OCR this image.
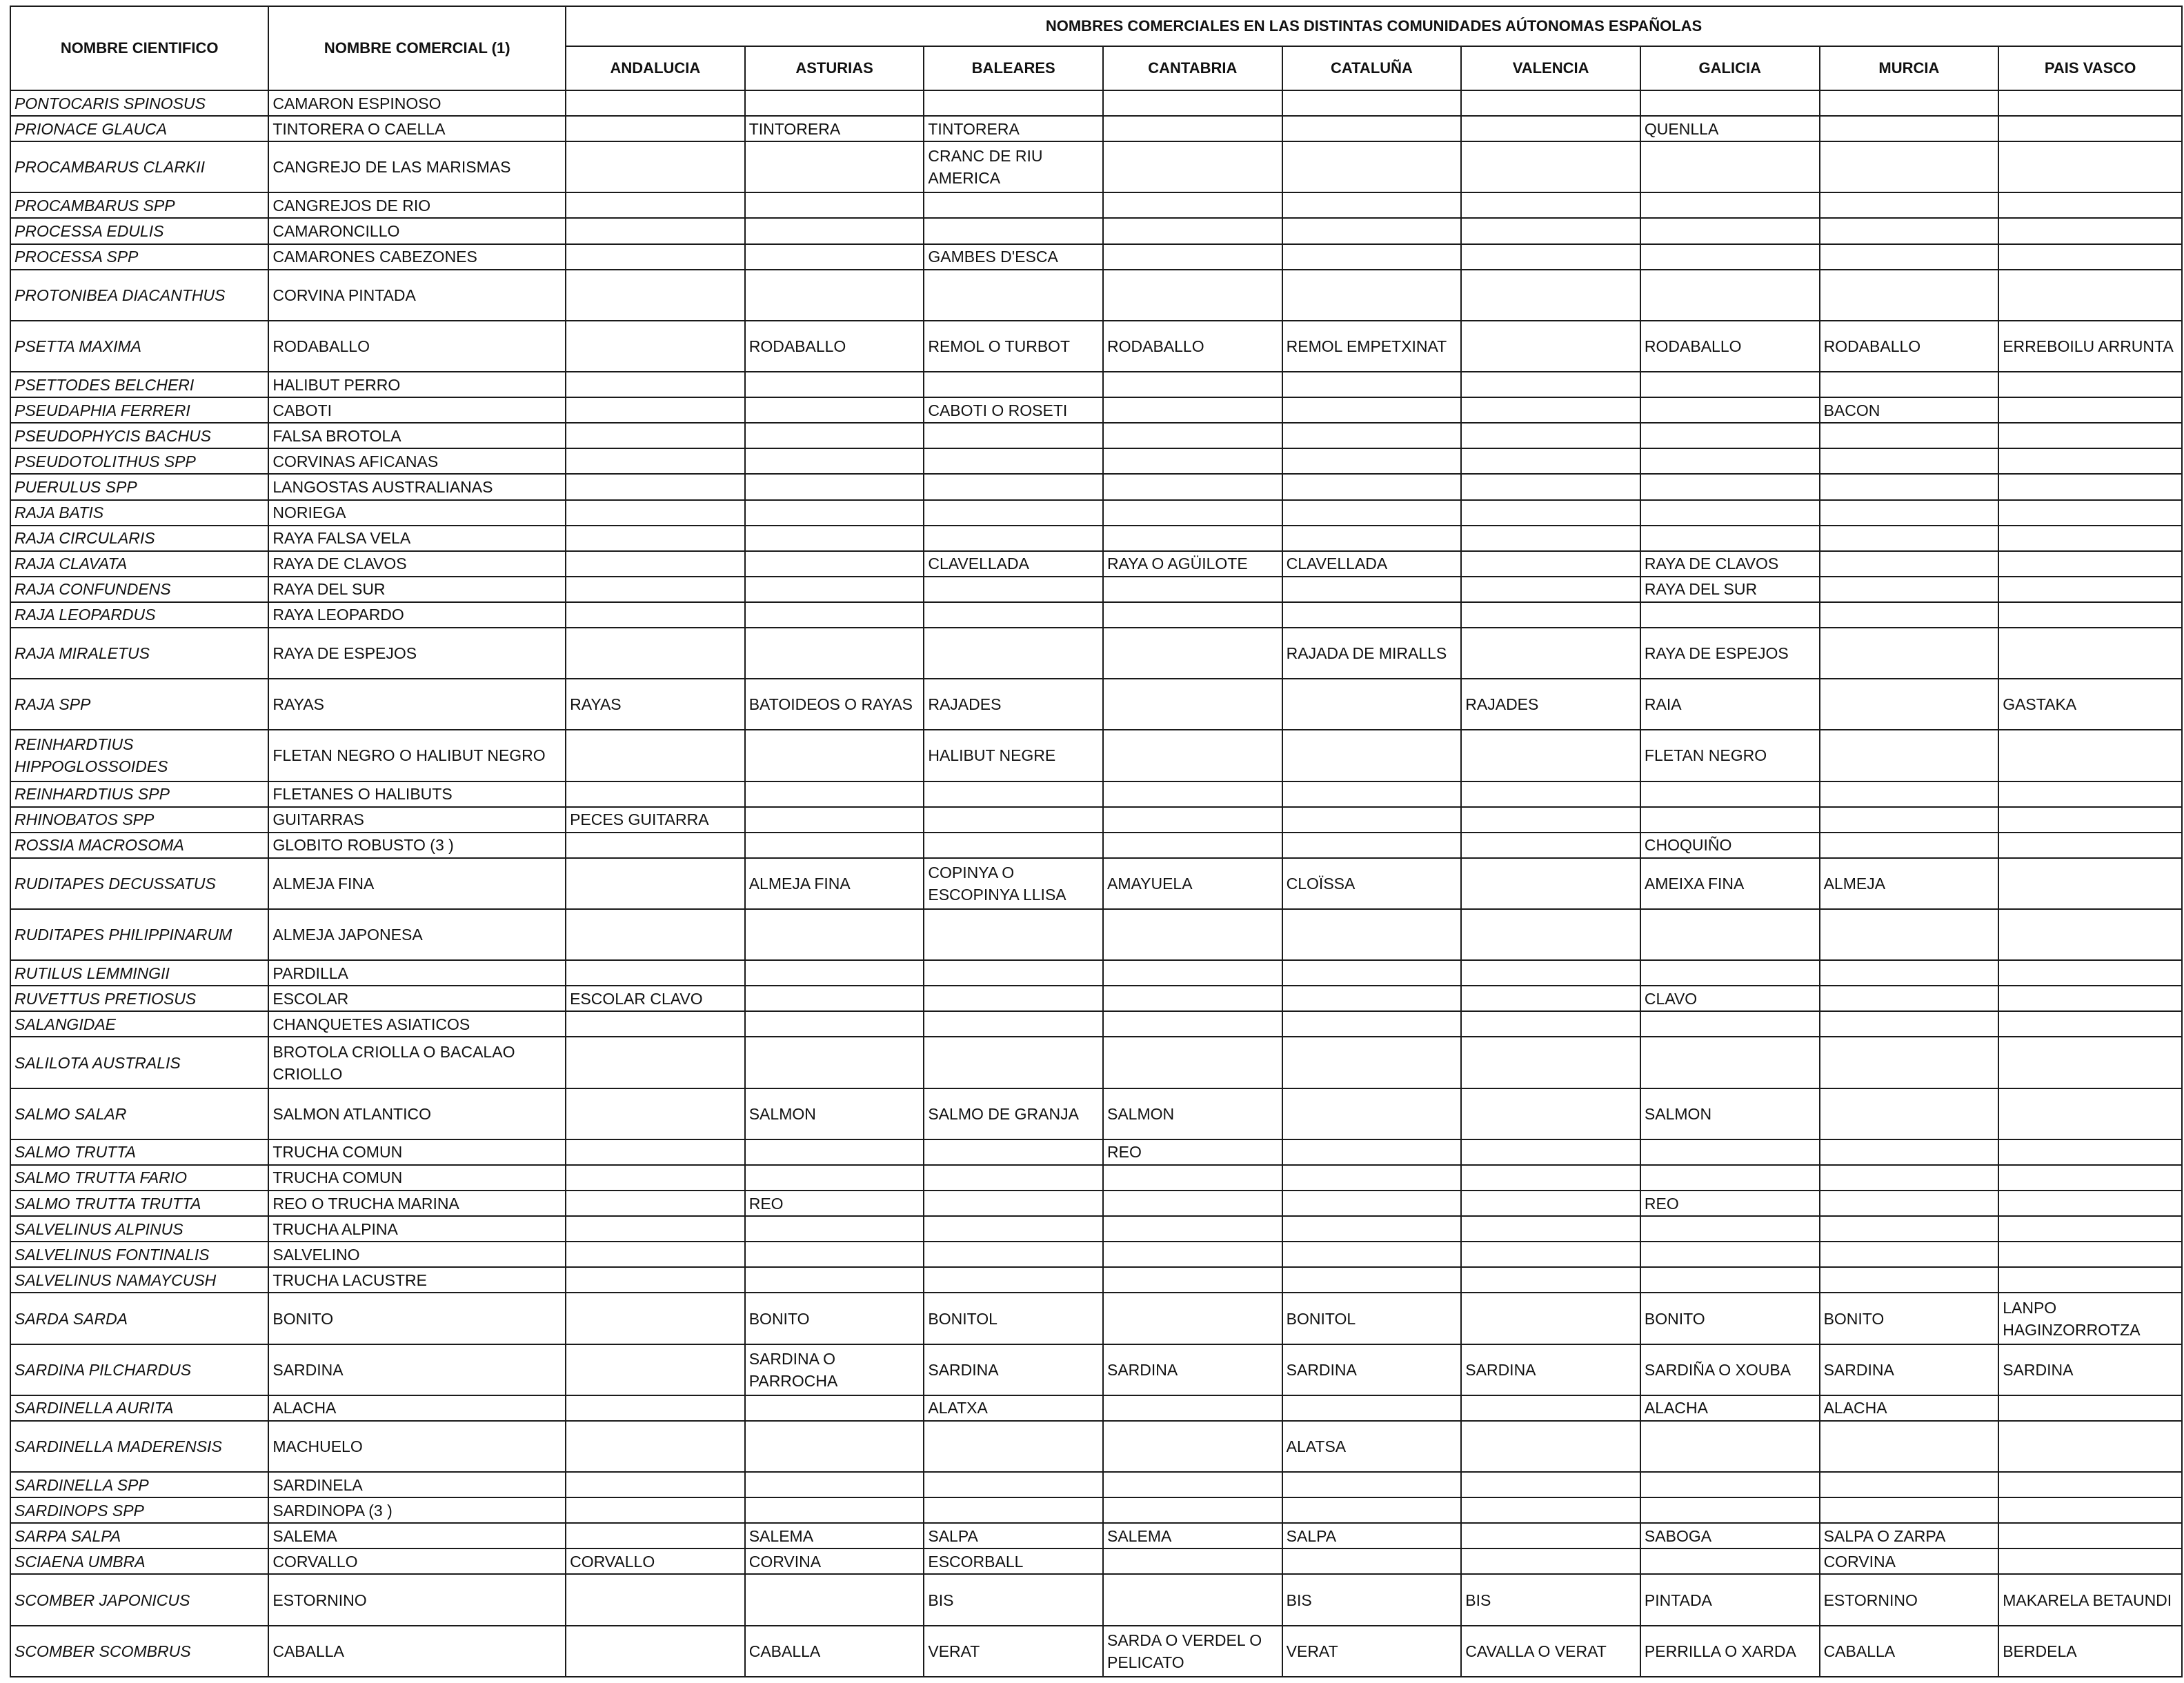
NOMBRE CIENTIFICO	NOMBRE COMERCIAL (1)	NOMBRES COMERCIALES EN LAS DISTINTAS COMUNIDADES AÚTONOMAS ESPAÑOLAS								
		ANDALUCIA	ASTURIAS	BALEARES	CANTABRIA	CATALUÑA	VALENCIA	GALICIA	MURCIA	PAIS VASCO
PONTOCARIS SPINOSUS	CAMARON ESPINOSO									
PRIONACE GLAUCA	TINTORERA O CAELLA		TINTORERA	TINTORERA				QUENLLA		
PROCAMBARUS CLARKII	CANGREJO DE LAS MARISMAS			CRANC DE RIU AMERICA						
PROCAMBARUS SPP	CANGREJOS DE RIO									
PROCESSA EDULIS	CAMARONCILLO									
PROCESSA SPP	CAMARONES CABEZONES			GAMBES D'ESCA						
PROTONIBEA DIACANTHUS	CORVINA PINTADA									
PSETTA MAXIMA	RODABALLO		RODABALLO	REMOL O TURBOT	RODABALLO	REMOL EMPETXINAT		RODABALLO	RODABALLO	ERREBOILU ARRUNTA
PSETTODES BELCHERI	HALIBUT PERRO									
PSEUDAPHIA FERRERI	CABOTI			CABOTI O ROSETI					BACON	
PSEUDOPHYCIS BACHUS	FALSA BROTOLA									
PSEUDOTOLITHUS SPP	CORVINAS AFICANAS									
PUERULUS SPP	LANGOSTAS AUSTRALIANAS									
RAJA BATIS	NORIEGA									
RAJA CIRCULARIS	RAYA FALSA VELA									
RAJA CLAVATA	RAYA DE CLAVOS			CLAVELLADA	RAYA O AGÜILOTE	CLAVELLADA		RAYA DE CLAVOS		
RAJA CONFUNDENS	RAYA DEL SUR							RAYA DEL SUR		
RAJA LEOPARDUS	RAYA LEOPARDO									
RAJA MIRALETUS	RAYA DE ESPEJOS					RAJADA DE MIRALLS		RAYA DE ESPEJOS		
RAJA SPP	RAYAS	RAYAS	BATOIDEOS O RAYAS	RAJADES			RAJADES	RAIA		GASTAKA
REINHARDTIUS HIPPOGLOSSOIDES	FLETAN NEGRO O HALIBUT NEGRO			HALIBUT NEGRE				FLETAN NEGRO		
REINHARDTIUS SPP	FLETANES O HALIBUTS									
RHINOBATOS SPP	GUITARRAS	PECES GUITARRA								
ROSSIA MACROSOMA	GLOBITO ROBUSTO (3 )							CHOQUIÑO		
RUDITAPES DECUSSATUS	ALMEJA FINA		ALMEJA FINA	COPINYA O ESCOPINYA LLISA	AMAYUELA	CLOÏSSA		AMEIXA FINA	ALMEJA	
RUDITAPES PHILIPPINARUM	ALMEJA JAPONESA									
RUTILUS LEMMINGII	PARDILLA									
RUVETTUS PRETIOSUS	ESCOLAR	ESCOLAR CLAVO						CLAVO		
SALANGIDAE	CHANQUETES ASIATICOS									
SALILOTA AUSTRALIS	BROTOLA CRIOLLA O BACALAO CRIOLLO									
SALMO SALAR	SALMON ATLANTICO		SALMON	SALMO DE GRANJA	SALMON			SALMON		
SALMO TRUTTA	TRUCHA COMUN				REO					
SALMO TRUTTA FARIO	TRUCHA COMUN									
SALMO TRUTTA TRUTTA	REO O TRUCHA MARINA		REO					REO		
SALVELINUS ALPINUS	TRUCHA ALPINA									
SALVELINUS FONTINALIS	SALVELINO									
SALVELINUS NAMAYCUSH	TRUCHA LACUSTRE									
SARDA SARDA	BONITO		BONITO	BONITOL		BONITOL		BONITO	BONITO	LANPO HAGINZORROTZA
SARDINA PILCHARDUS	SARDINA		SARDINA O PARROCHA	SARDINA	SARDINA	SARDINA	SARDINA	SARDIÑA O XOUBA	SARDINA	SARDINA
SARDINELLA AURITA	ALACHA			ALATXA				ALACHA	ALACHA	
SARDINELLA MADERENSIS	MACHUELO					ALATSA				
SARDINELLA SPP	SARDINELA									
SARDINOPS SPP	SARDINOPA (3 )									
SARPA SALPA	SALEMA		SALEMA	SALPA	SALEMA	SALPA		SABOGA	SALPA O ZARPA	
SCIAENA UMBRA	CORVALLO	CORVALLO	CORVINA	ESCORBALL					CORVINA	
SCOMBER JAPONICUS	ESTORNINO			BIS		BIS	BIS	PINTADA	ESTORNINO	MAKARELA BETAUNDI
SCOMBER SCOMBRUS	CABALLA		CABALLA	VERAT	SARDA O VERDEL O PELICATO	VERAT	CAVALLA O VERAT	PERRILLA O XARDA	CABALLA	BERDELA
